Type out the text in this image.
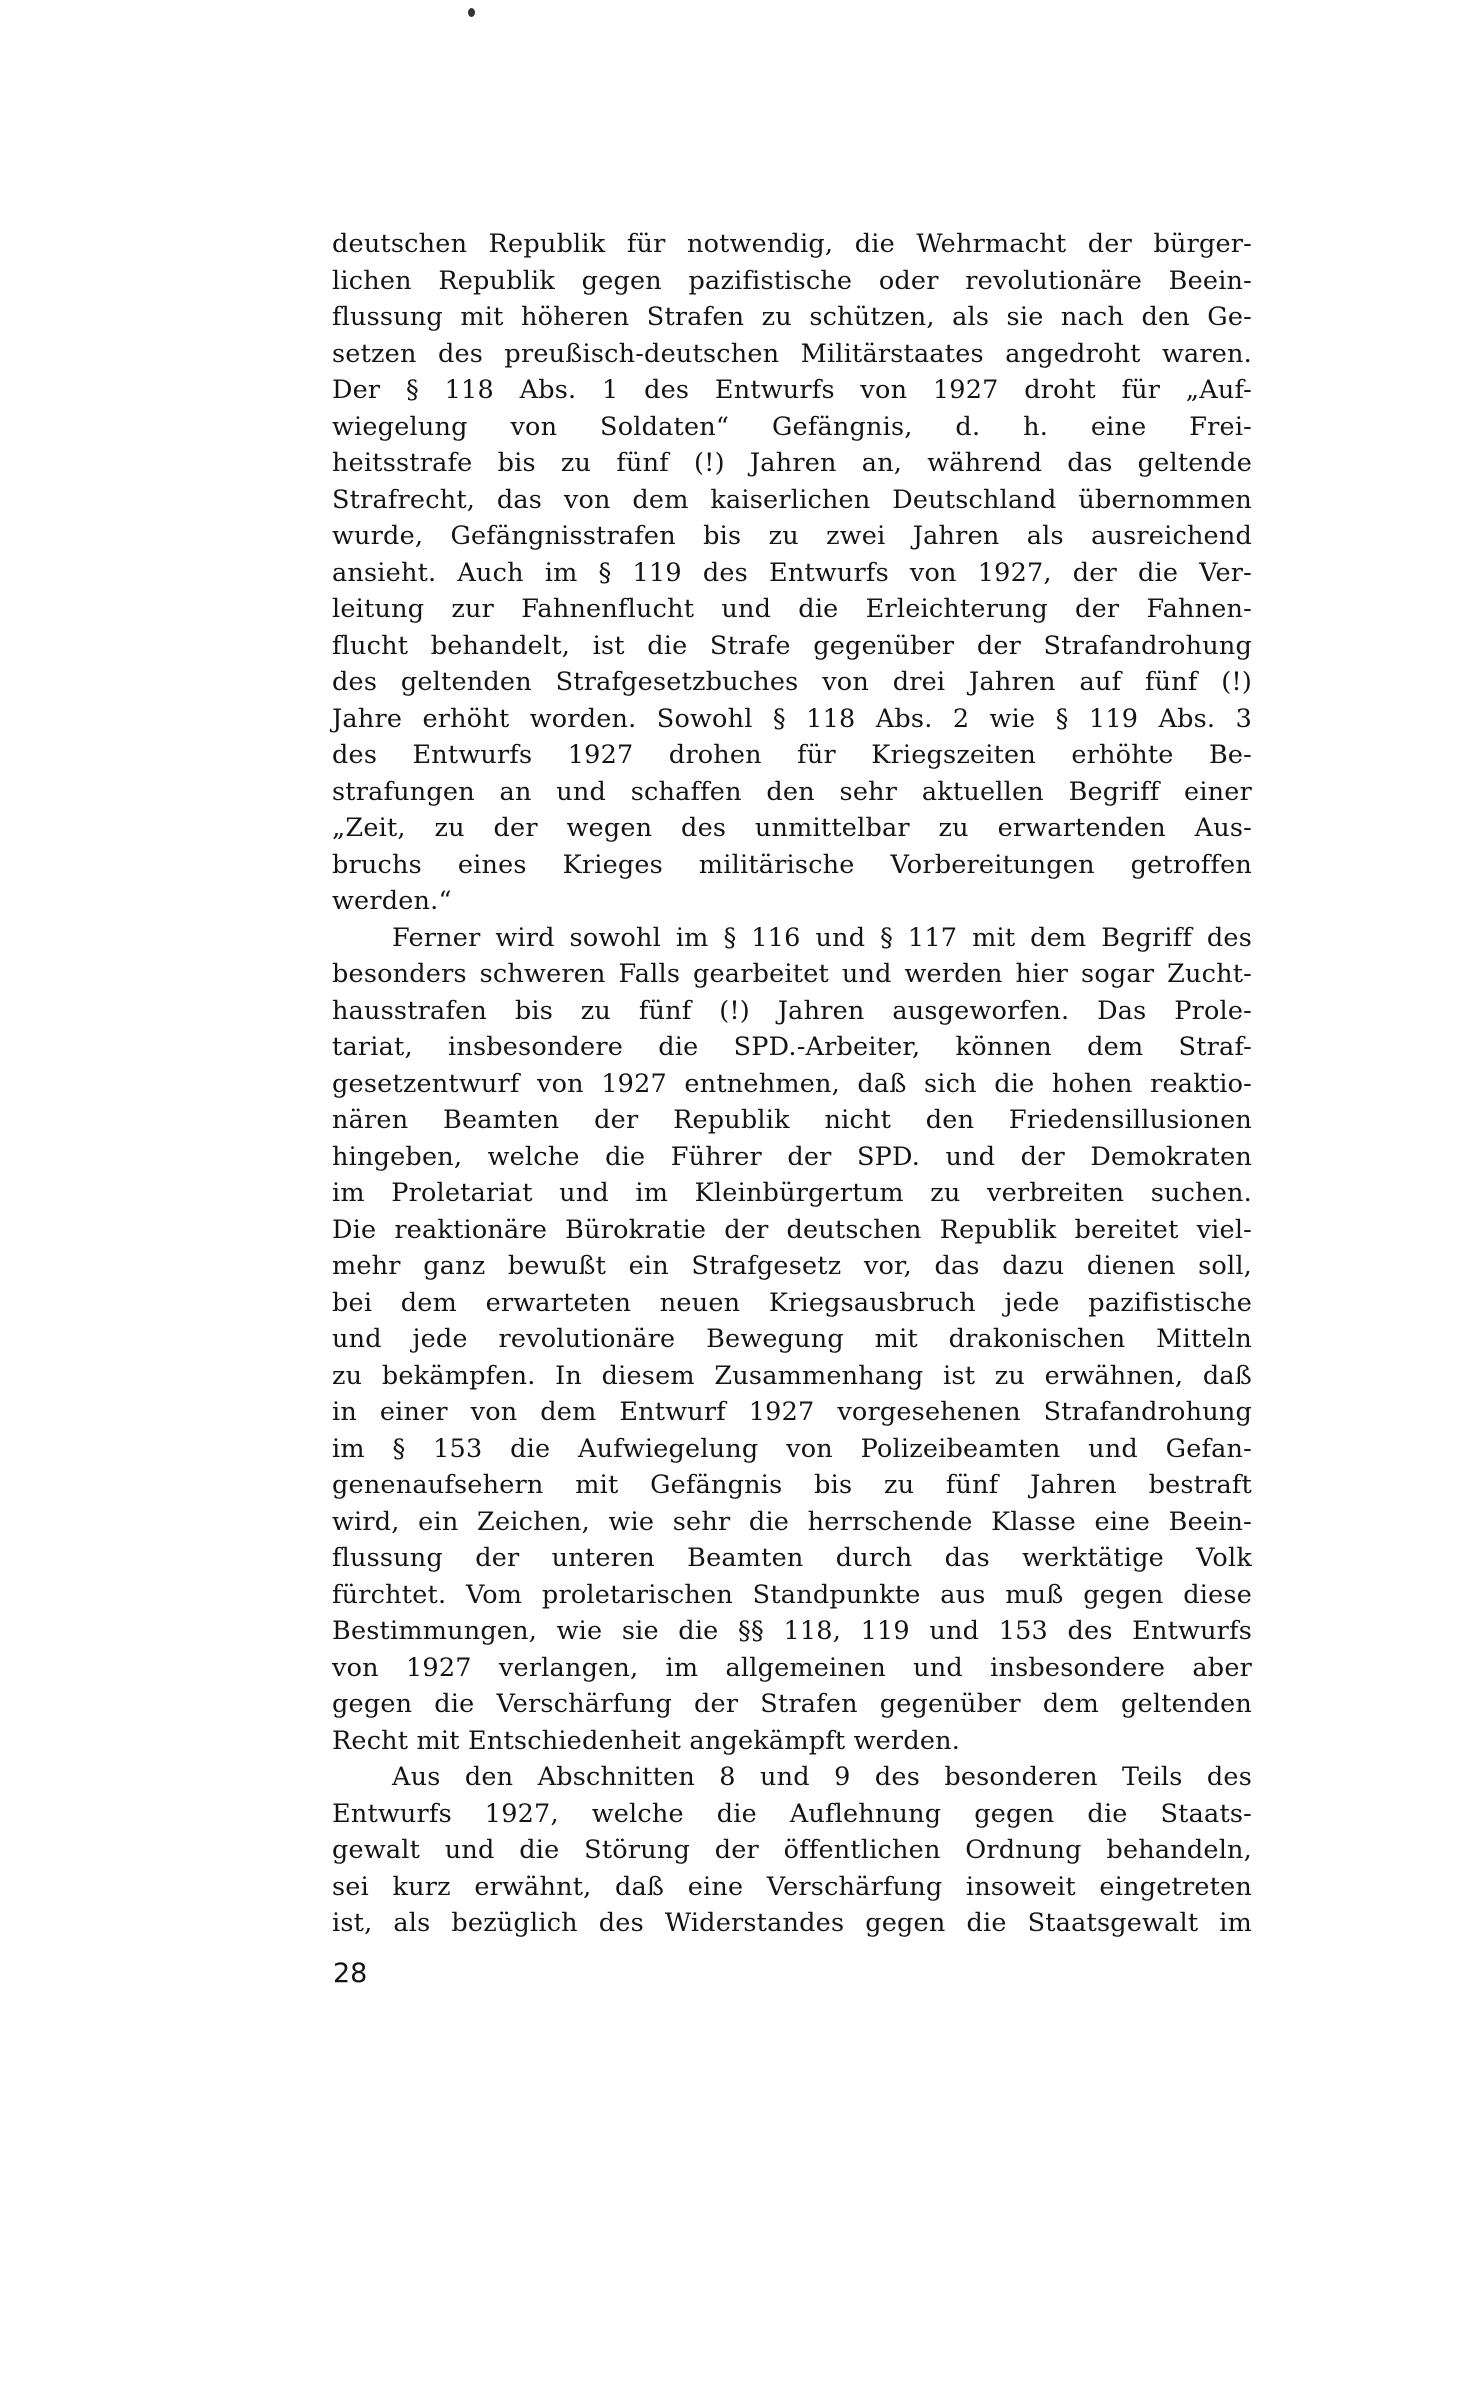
deutschen Republik für notwendig, die Wehrmacht der bürger-
lichen Republik gegen pazifistische oder revolutionäre Beein-
flussung mit höheren Strafen zu schützen, als sie nach den Ge-
setzen des preußisch-deutschen Militärstaates angedroht waren.
Der § 118 Abs. 1 des Entwurfs von 1927 droht für „Auf-
wiegelung von Soldaten“ Gefängnis, d. h. eine Frei-
heitsstrafe bis zu fünf (!) Jahren an, während das geltende
Strafrecht, das von dem kaiserlichen Deutschland übernommen
wurde, Gefängnisstrafen bis zu zwei Jahren als ausreichend
ansieht. Auch im § 119 des Entwurfs von 1927, der die Ver-
leitung zur Fahnenflucht und die Erleichterung der Fahnen-
flucht behandelt, ist die Strafe gegenüber der Strafandrohung
des geltenden Strafgesetzbuches von drei Jahren auf fünf (!)
Jahre erhöht worden. Sowohl § 118 Abs. 2 wie § 119 Abs. 3
des Entwurfs 1927 drohen für Kriegszeiten erhöhte Be-
strafungen an und schaffen den sehr aktuellen Begriff einer
„Zeit, zu der wegen des unmittelbar zu erwartenden Aus-
bruchs eines Krieges militärische Vorbereitungen getroffen
werden.“
Ferner wird sowohl im § 116 und § 117 mit dem Begriff des
besonders schweren Falls gearbeitet und werden hier sogar Zucht-
hausstrafen bis zu fünf (!) Jahren ausgeworfen. Das Prole-
tariat, insbesondere die SPD.-Arbeiter, können dem Straf-
gesetzentwurf von 1927 entnehmen, daß sich die hohen reaktio-
nären Beamten der Republik nicht den Friedensillusionen
hingeben, welche die Führer der SPD. und der Demokraten
im Proletariat und im Kleinbürgertum zu verbreiten suchen.
Die reaktionäre Bürokratie der deutschen Republik bereitet viel-
mehr ganz bewußt ein Strafgesetz vor, das dazu dienen soll,
bei dem erwarteten neuen Kriegsausbruch jede pazifistische
und jede revolutionäre Bewegung mit drakonischen Mitteln
zu bekämpfen. In diesem Zusammenhang ist zu erwähnen, daß
in einer von dem Entwurf 1927 vorgesehenen Strafandrohung
im § 153 die Aufwiegelung von Polizeibeamten und Gefan-
genenaufsehern mit Gefängnis bis zu fünf Jahren bestraft
wird, ein Zeichen, wie sehr die herrschende Klasse eine Beein-
flussung der unteren Beamten durch das werktätige Volk
fürchtet. Vom proletarischen Standpunkte aus muß gegen diese
Bestimmungen, wie sie die §§ 118, 119 und 153 des Entwurfs
von 1927 verlangen, im allgemeinen und insbesondere aber
gegen die Verschärfung der Strafen gegenüber dem geltenden
Recht mit Entschiedenheit angekämpft werden.
Aus den Abschnitten 8 und 9 des besonderen Teils des
Entwurfs 1927, welche die Auflehnung gegen die Staats-
gewalt und die Störung der öffentlichen Ordnung behandeln,
sei kurz erwähnt, daß eine Verschärfung insoweit eingetreten
ist, als bezüglich des Widerstandes gegen die Staatsgewalt im
28
